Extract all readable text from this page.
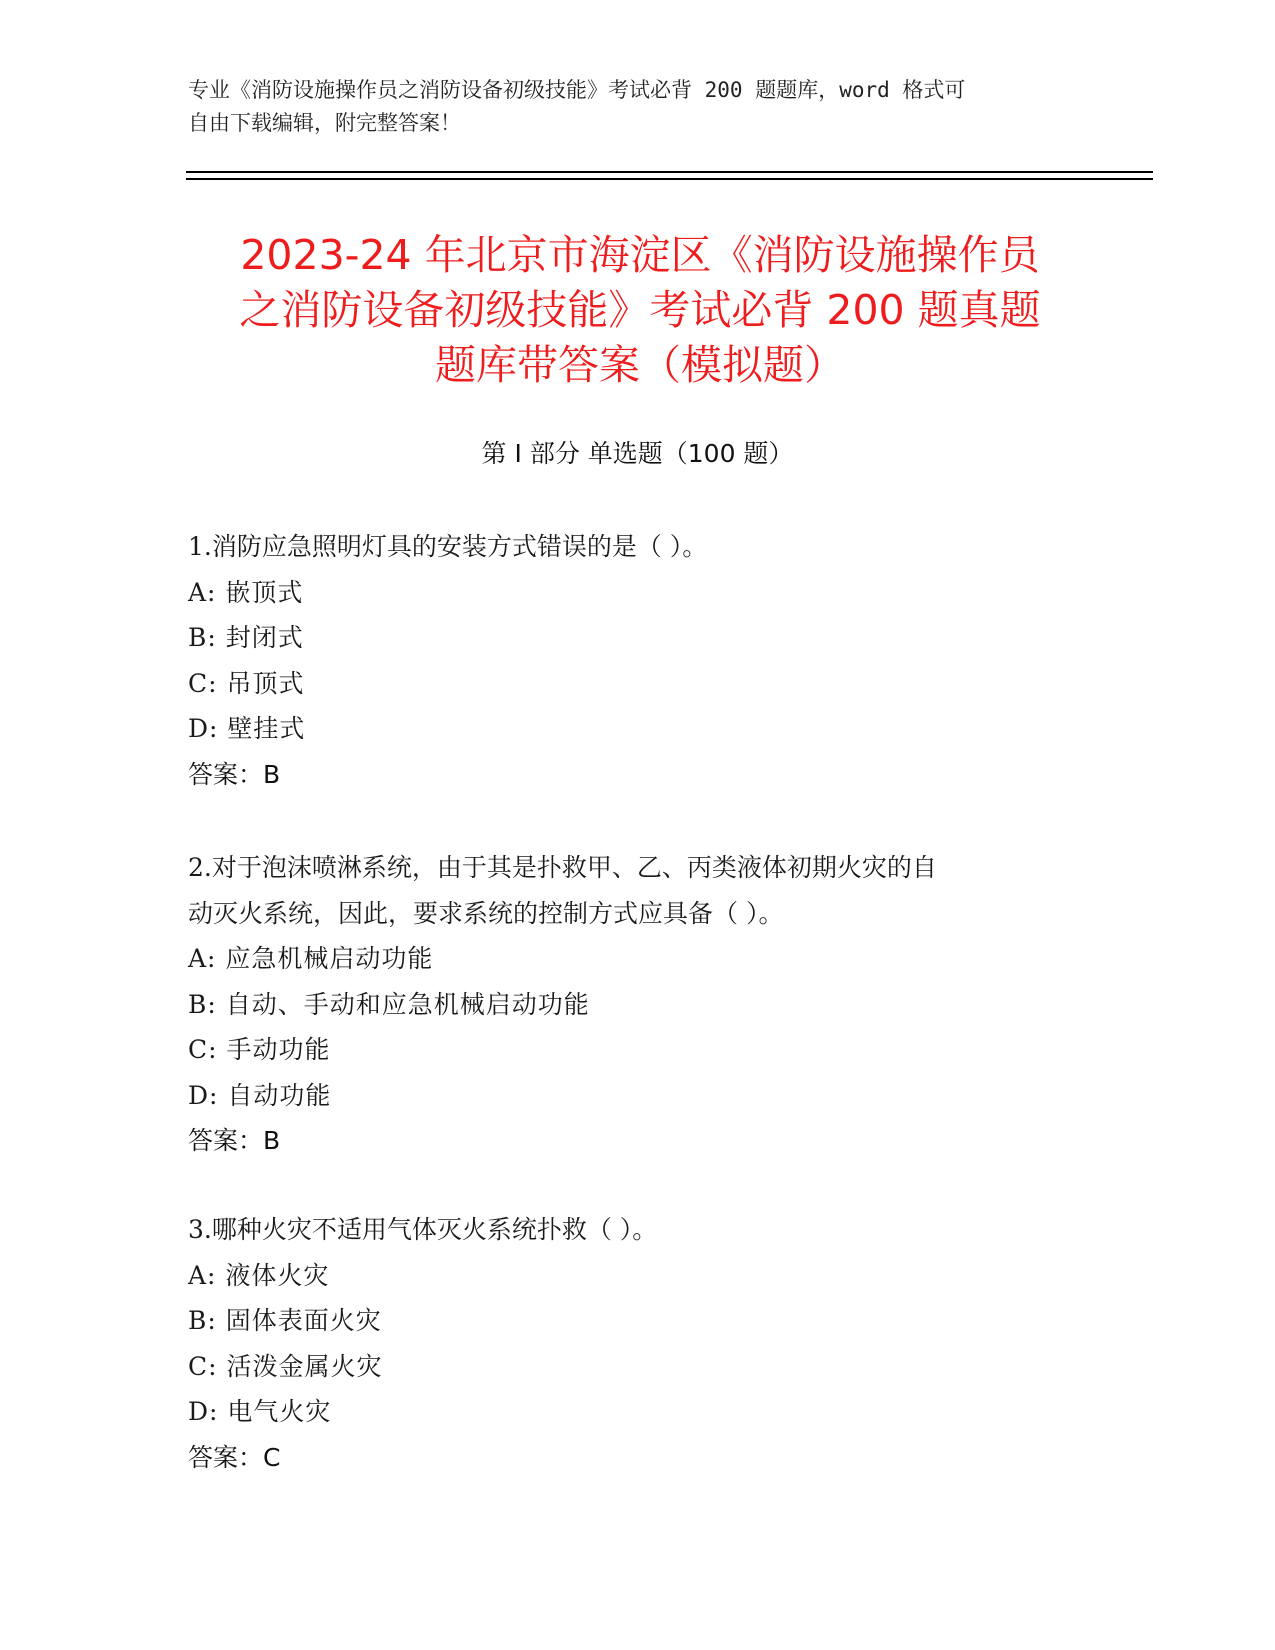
专业《消防设施操作员之消防设备初级技能》考试必背 200 题题库，word 格式可
自由下载编辑，附完整答案！
2023-24 年北京市海淀区《消防设施操作员
之消防设备初级技能》考试必背 200 题真题
题库带答案（模拟题）
第 I 部分 单选题（100 题）
1.消防应急照明灯具的安装方式错误的是（ ）。
A: 嵌顶式
B: 封闭式
C: 吊顶式
D: 壁挂式
答案：B
2.对于泡沫喷淋系统，由于其是扑救甲、乙、丙类液体初期火灾的自
动灭火系统，因此，要求系统的控制方式应具备（ ）。
A: 应急机械启动功能
B: 自动、手动和应急机械启动功能
C: 手动功能
D: 自动功能
答案：B
3.哪种火灾不适用气体灭火系统扑救（ ）。
A: 液体火灾
B: 固体表面火灾
C: 活泼金属火灾
D: 电气火灾
答案：C
